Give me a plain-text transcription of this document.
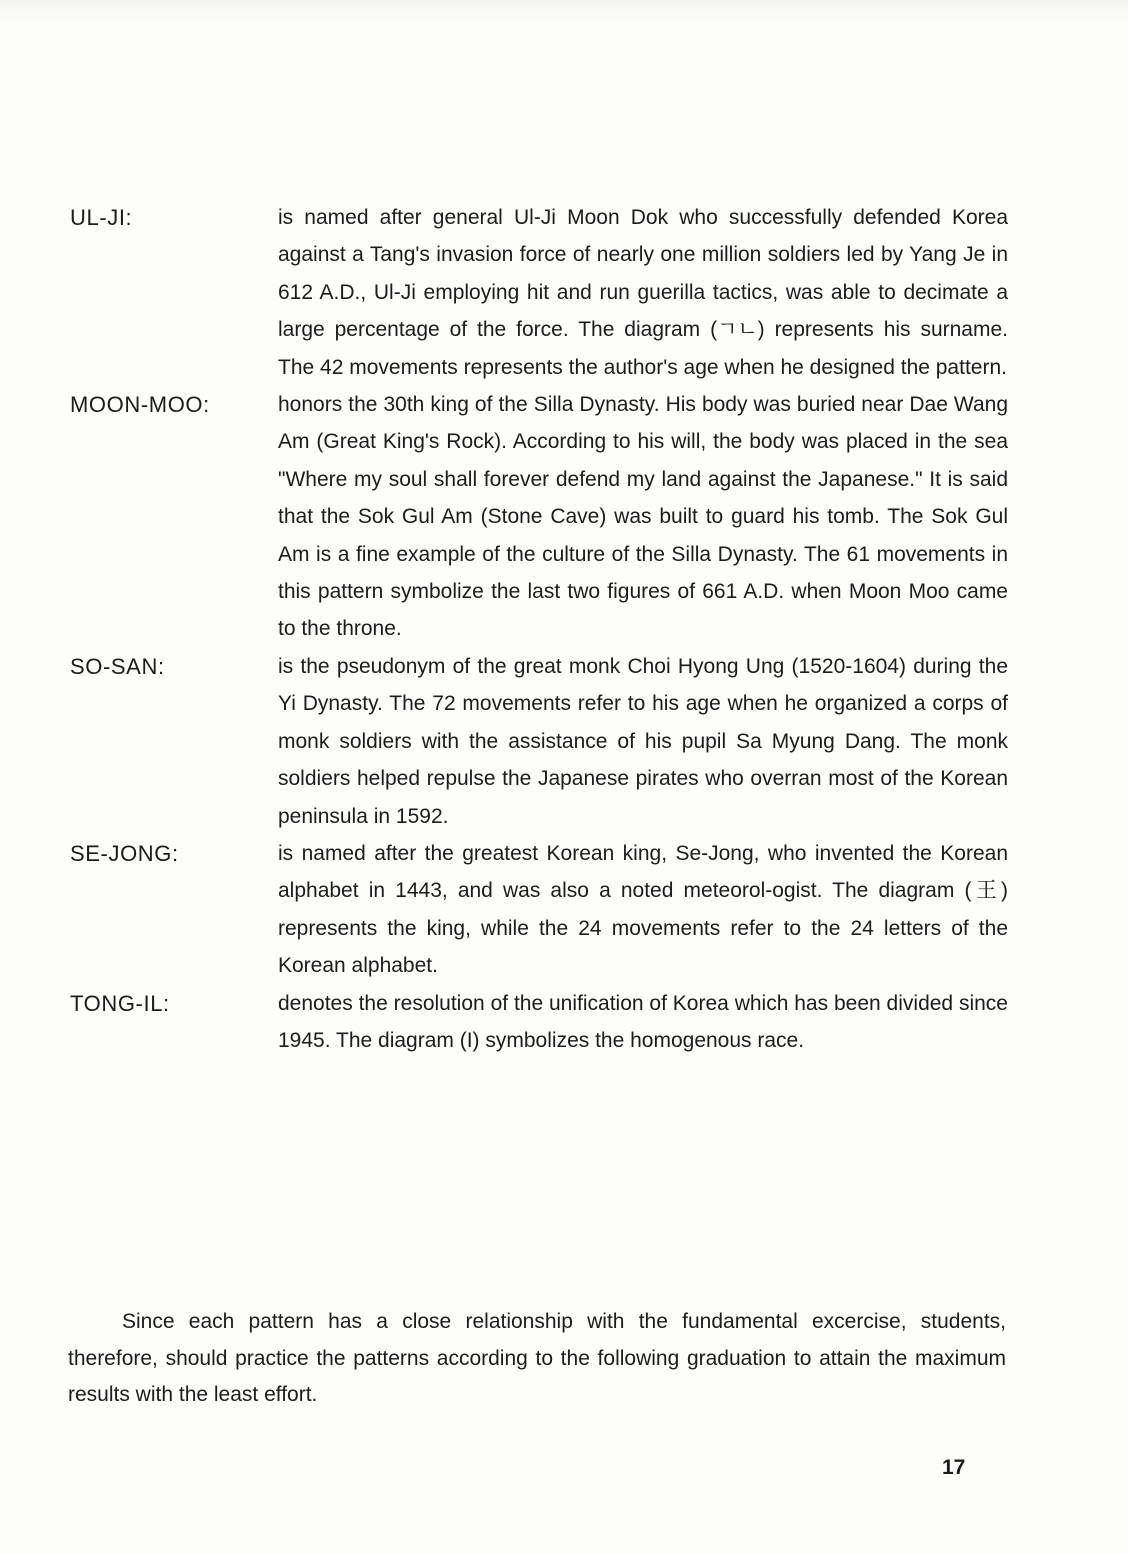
UL-JI:	is named after general Ul-Ji Moon Dok who successfully defended Korea against a Tang's invasion force of nearly one million soldiers led by Yang Je in 612 A.D., Ul-Ji employing hit and run guerilla tactics, was able to decimate a large percentage of the force. The diagram (ㄱㄴ) represents his surname. The 42 movements represents the author's age when he designed the pattern.
MOON-MOO:	honors the 30th king of the Silla Dynasty. His body was buried near Dae Wang Am (Great King's Rock). According to his will, the body was placed in the sea "Where my soul shall forever defend my land against the Japanese." It is said that the Sok Gul Am (Stone Cave) was built to guard his tomb. The Sok Gul Am is a fine example of the culture of the Silla Dynasty. The 61 movements in this pattern symbolize the last two figures of 661 A.D. when Moon Moo came to the throne.
SO-SAN:	is the pseudonym of the great monk Choi Hyong Ung (1520-1604) during the Yi Dynasty. The 72 movements refer to his age when he organized a corps of monk soldiers with the assistance of his pupil Sa Myung Dang. The monk soldiers helped repulse the Japanese pirates who overran most of the Korean peninsula in 1592.
SE-JONG:	is named after the greatest Korean king, Se-Jong, who invented the Korean alphabet in 1443, and was also a noted meteorol-ogist. The diagram (王) represents the king, while the 24 movements refer to the 24 letters of the Korean alphabet.
TONG-IL:	denotes the resolution of the unification of Korea which has been divided since 1945. The diagram (I) symbolizes the homogenous race.

Since each pattern has a close relationship with the fundamental excercise, students, therefore, should practice the patterns according to the following graduation to attain the maximum results with the least effort.

17
